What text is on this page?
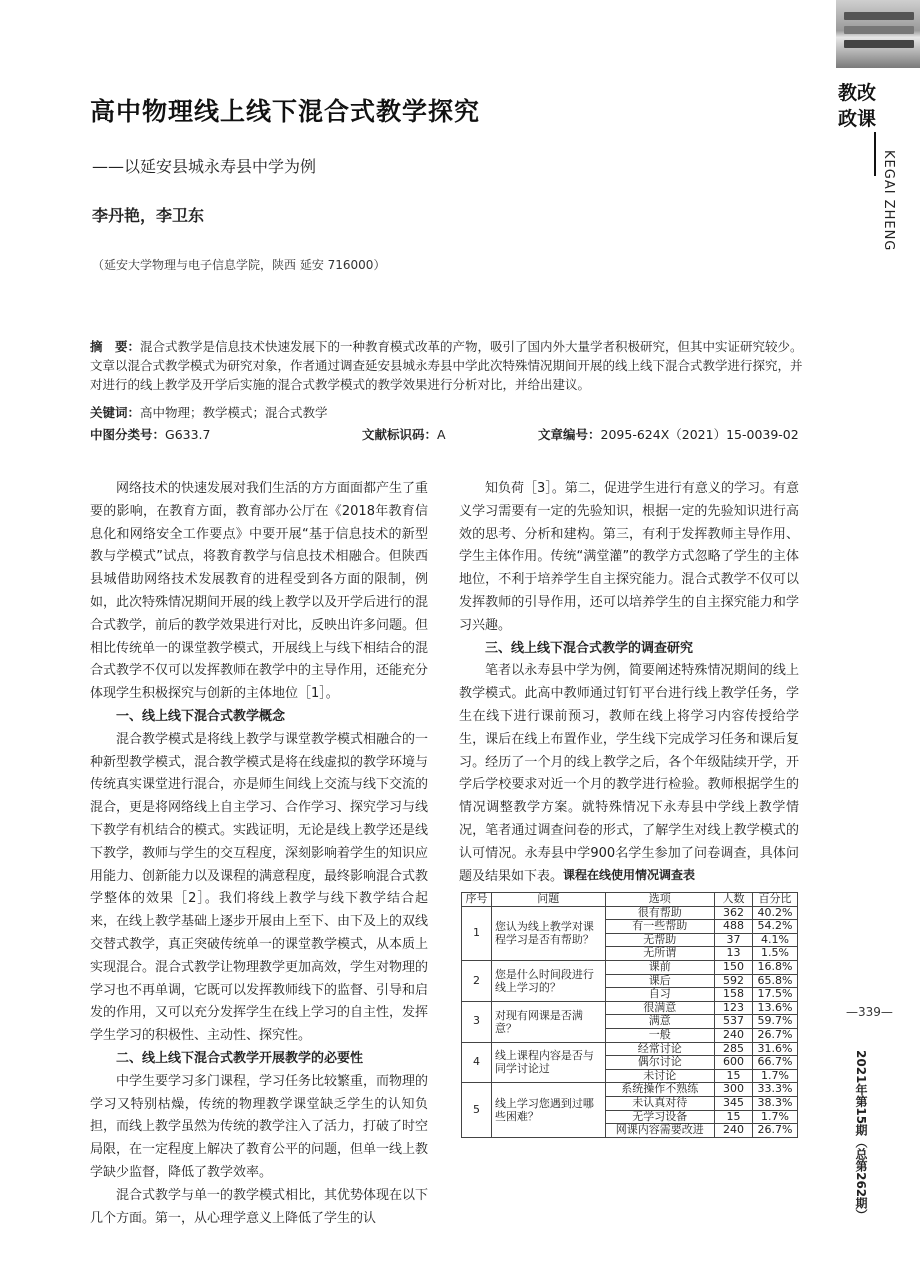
教改政课
KEGAI ZHENG
高中物理线上线下混合式教学探究
——以延安县城永寿县中学为例
李丹艳，李卫东
（延安大学物理与电子信息学院，陕西 延安 716000）
摘　要：混合式教学是信息技术快速发展下的一种教育模式改革的产物，吸引了国内外大量学者积极研究，但其中实证研究较少。文章以混合式教学模式为研究对象，作者通过调查延安县城永寿县中学此次特殊情况期间开展的线上线下混合式教学进行探究，并对进行的线上教学及开学后实施的混合式教学模式的教学效果进行分析对比，并给出建议。
关键词：高中物理；教学模式；混合式教学
中图分类号：G633.7	文献标识码：A	文章编号：2095-624X（2021）15-0039-02

网络技术的快速发展对我们生活的方方面面都产生了重要的影响，在教育方面，教育部办公厅在《2018年教育信息化和网络安全工作要点》中要开展“基于信息技术的新型教与学模式”试点，将教育教学与信息技术相融合。但陕西县城借助网络技术发展教育的进程受到各方面的限制，例如，此次特殊情况期间开展的线上教学以及开学后进行的混合式教学，前后的教学效果进行对比，反映出许多问题。但相比传统单一的课堂教学模式，开展线上与线下相结合的混合式教学不仅可以发挥教师在教学中的主导作用，还能充分体现学生积极探究与创新的主体地位［1］。

一、线上线下混合式教学概念

混合教学模式是将线上教学与课堂教学模式相融合的一种新型教学模式，混合教学模式是将在线虚拟的教学环境与传统真实课堂进行混合，亦是师生间线上交流与线下交流的混合，更是将网络线上自主学习、合作学习、探究学习与线下教学有机结合的模式。实践证明，无论是线上教学还是线下教学，教师与学生的交互程度，深刻影响着学生的知识应用能力、创新能力以及课程的满意程度，最终影响混合式教学整体的效果［2］。我们将线上教学与线下教学结合起来，在线上教学基础上逐步开展由上至下、由下及上的双线交替式教学，真正突破传统单一的课堂教学模式，从本质上实现混合。混合式教学让物理教学更加高效，学生对物理的学习也不再单调，它既可以发挥教师线下的监督、引导和启发的作用，又可以充分发挥学生在线上学习的自主性，发挥学生学习的积极性、主动性、探究性。

二、线上线下混合式教学开展教学的必要性

中学生要学习多门课程，学习任务比较繁重，而物理的学习又特别枯燥，传统的物理教学课堂缺乏学生的认知负担，而线上教学虽然为传统的教学注入了活力，打破了时空局限，在一定程度上解决了教育公平的问题，但单一线上教学缺少监督，降低了教学效率。

混合式教学与单一的教学模式相比，其优势体现在以下几个方面。第一，从心理学意义上降低了学生的认

知负荷［3］。第二，促进学生进行有意义的学习。有意义学习需要有一定的先验知识，根据一定的先验知识进行高效的思考、分析和建构。第三，有利于发挥教师主导作用、学生主体作用。传统“满堂灌”的教学方式忽略了学生的主体地位，不利于培养学生自主探究能力。混合式教学不仅可以发挥教师的引导作用，还可以培养学生的自主探究能力和学习兴趣。

三、线上线下混合式教学的调查研究

笔者以永寿县中学为例，简要阐述特殊情况期间的线上教学模式。此高中教师通过钉钉平台进行线上教学任务，学生在线下进行课前预习，教师在线上将学习内容传授给学生，课后在线上布置作业，学生线下完成学习任务和课后复习。经历了一个月的线上教学之后，各个年级陆续开学，开学后学校要求对近一个月的教学进行检验。教师根据学生的情况调整教学方案。就特殊情况下永寿县中学线上教学情况，笔者通过调查问卷的形式，了解学生对线上教学模式的认可情况。永寿县中学900名学生参加了问卷调查，具体问题及结果如下表。 课程在线使用情况调查表
序号	问题	选项	人数	百分比
1	您认为线上教学对课程学习是否有帮助？	很有帮助	362	40.2%
		有一些帮助	488	54.2%
		无帮助	37	4.1%
		无所谓	13	1.5%
2	您是什么时间段进行线上学习的？	课前	150	16.8%
		课后	592	65.8%
		自习	158	17.5%
3	对现有网课是否满意？	很满意	123	13.6%
		满意	537	59.7%
		一般	240	26.7%
4	线上课程内容是否与同学讨论过	经常讨论	285	31.6%
		偶尔讨论	600	66.7%
		未讨论	15	1.7%
5	线上学习您遇到过哪些困难？	系统操作不熟练	300	33.3%
		未认真对待	345	38.3%
		无学习设备	15	1.7%
		网课内容需要改进	240	26.7%
—339—
2021年第15期（总第262期）
